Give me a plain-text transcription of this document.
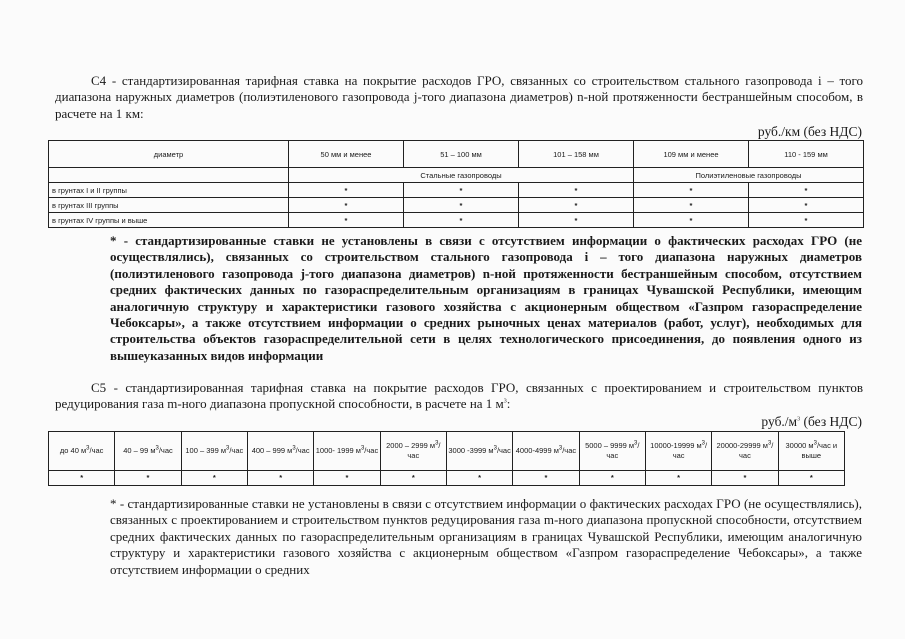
C4 - стандартизированная тарифная ставка на покрытие расходов ГРО, связанных со строительством стального газопровода i – того диапазона наружных диаметров (полиэтиленового газопровода j-того диапазона диаметров) n-ной протяженности бестраншейным способом, в расчете на 1 км:

руб./км (без НДС)
диаметр	50 мм и менее	51 – 100 мм	101 – 158 мм	109 мм и менее	110 - 159 мм
	Стальные газопроводы			Полиэтиленовые газопроводы	
в грунтах I и II группы	*	*	*	*	*
в грунтах III группы	*	*	*	*	*
в грунтах IV группы и выше	*	*	*	*	*

* - стандартизированные ставки не установлены в связи с отсутствием информации о фактических расходах ГРО (не осуществлялись), связанных со строительством стального газопровода i – того диапазона наружных диаметров (полиэтиленового газопровода j-того диапазона диаметров) n-ной протяженности бестраншейным способом, отсутствием средних фактических данных по газораспределительным организациям в границах Чувашской Республики, имеющим аналогичную структуру и характеристики газового хозяйства с акционерным обществом «Газпром газораспределение Чебоксары», а также отсутствием информации о средних рыночных ценах материалов (работ, услуг), необходимых для строительства объектов газораспределительной сети в целях технологического присоединения, до появления одного из вышеуказанных видов информации

C5 - стандартизированная тарифная ставка на покрытие расходов ГРО, связанных с проектированием и строительством пунктов редуцирования газа m-ного диапазона пропускной способности, в расчете на 1 $м^3$:

$руб./м^3$ (без НДС)
до 40 $м^3$/час	40 – 99 $м^3$/час	100 – 399 $м^3$/час	400 – 999 $м^3$/час	1000- 1999 $м^3$/час	2000 – 2999 $м^3$/час	3000 -3999 $м^3$/час	4000-4999 $м^3$/час	5000 – 9999 $м^3$/час	10000-19999 $м^3$/час	20000-29999 $м^3$/час	30000 $м^3$/час и выше
*	*	*	*	*	*	*	*	*	*	*	*

* - стандартизированные ставки не установлены в связи с отсутствием информации о фактических расходах ГРО (не осуществлялись), связанных с проектированием и строительством пунктов редуцирования газа m-ного диапазона пропускной способности, отсутствием средних фактических данных по газораспределительным организациям в границах Чувашской Республики, имеющим аналогичную структуру и характеристики газового хозяйства с акционерным обществом «Газпром газораспределение Чебоксары», а также отсутствием информации о средних
